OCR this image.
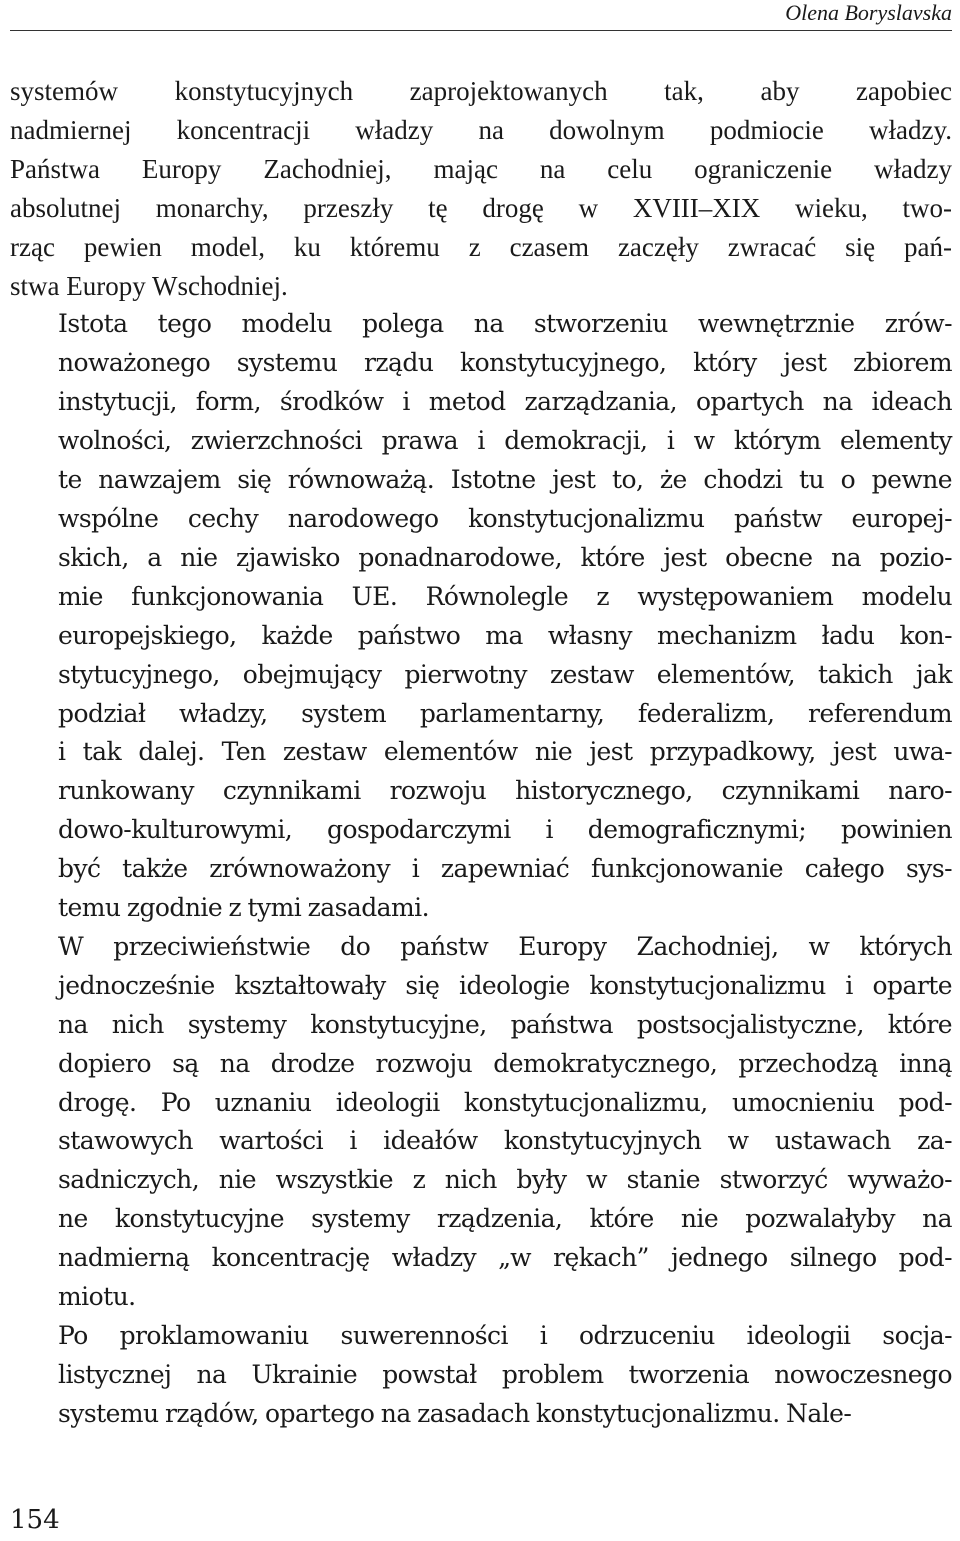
Olena Boryslavska

systemów konstytucyjnych zaprojektowanych tak, aby zapobiec
nadmiernej koncentracji władzy na dowolnym podmiocie władzy.
Państwa Europy Zachodniej, mając na celu ograniczenie władzy
absolutnej monarchy, przeszły tę drogę w XVIII–XIX wieku, two-
rząc pewien model, ku któremu z czasem zaczęły zwracać się pań-
stwa Europy Wschodniej.

Istota tego modelu polega na stworzeniu wewnętrznie zrów-
noważonego systemu rządu konstytucyjnego, który jest zbiorem
instytucji, form, środków i metod zarządzania, opartych na ideach
wolności, zwierzchności prawa i demokracji, i w którym elementy
te nawzajem się równoważą. Istotne jest to, że chodzi tu o pewne
wspólne cechy narodowego konstytucjonalizmu państw europej-
skich, a nie zjawisko ponadnarodowe, które jest obecne na pozio-
mie funkcjonowania UE. Równolegle z występowaniem modelu
europejskiego, każde państwo ma własny mechanizm ładu kon-
stytucyjnego, obejmujący pierwotny zestaw elementów, takich jak
podział władzy, system parlamentarny, federalizm, referendum
i tak dalej. Ten zestaw elementów nie jest przypadkowy, jest uwa-
runkowany czynnikami rozwoju historycznego, czynnikami naro-
dowo-kulturowymi, gospodarczymi i demograficznymi; powinien
być także zrównoważony i zapewniać funkcjonowanie całego sys-
temu zgodnie z tymi zasadami.

W przeciwieństwie do państw Europy Zachodniej, w których
jednocześnie kształtowały się ideologie konstytucjonalizmu i oparte
na nich systemy konstytucyjne, państwa postsocjalistyczne, które
dopiero są na drodze rozwoju demokratycznego, przechodzą inną
drogę. Po uznaniu ideologii konstytucjonalizmu, umocnieniu pod-
stawowych wartości i ideałów konstytucyjnych w ustawach za-
sadniczych, nie wszystkie z nich były w stanie stworzyć wyważo-
ne konstytucyjne systemy rządzenia, które nie pozwalałyby na
nadmierną koncentrację władzy „w rękach” jednego silnego pod-
miotu.

Po proklamowaniu suwerenności i odrzuceniu ideologii socja-
listycznej na Ukrainie powstał problem tworzenia nowoczesnego
systemu rządów, opartego na zasadach konstytucjonalizmu. Nale-

154
